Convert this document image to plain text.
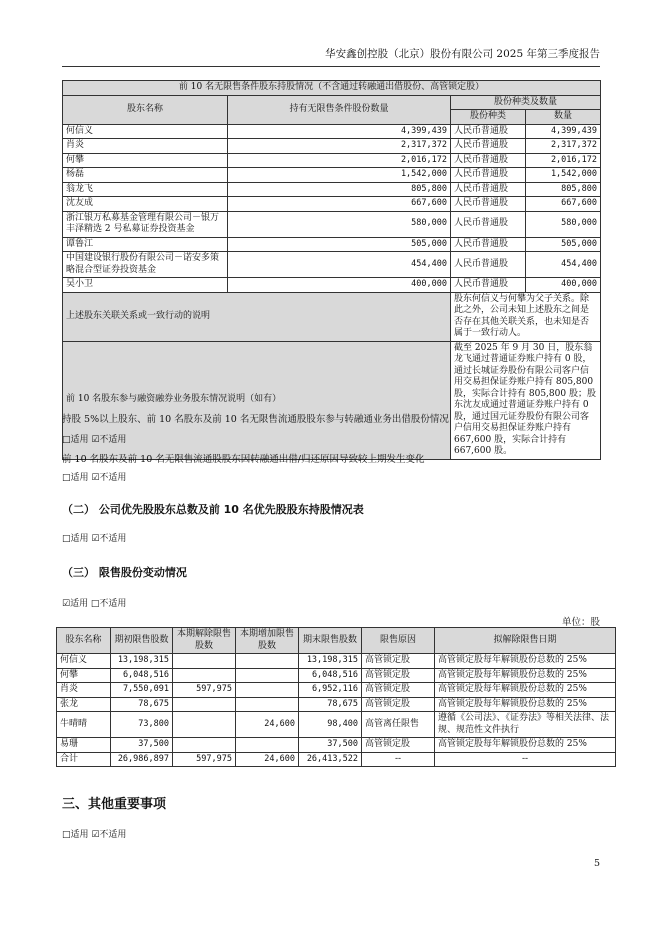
华安鑫创控股（北京）股份有限公司 2025 年第三季度报告
前 10 名无限售条件股东持股情况（不含通过转融通出借股份、高管锁定股）			
股东名称	持有无限售条件股份数量	股份种类及数量	
		股份种类	数量
何信义	4,399,439	人民币普通股	4,399,439
肖炎	2,317,372	人民币普通股	2,317,372
何攀	2,016,172	人民币普通股	2,016,172
杨磊	1,542,000	人民币普通股	1,542,000
翁龙飞	805,800	人民币普通股	805,800
沈友成	667,600	人民币普通股	667,600
浙江银万私募基金管理有限公司－银万丰泽精选 2 号私募证券投资基金	580,000	人民币普通股	580,000
谭鲁江	505,000	人民币普通股	505,000
中国建设银行股份有限公司－诺安多策略混合型证券投资基金	454,400	人民币普通股	454,400
吴小卫	400,000	人民币普通股	400,000
上述股东关联关系或一致行动的说明		股东何信义与何攀为父子关系。除此之外，公司未知上述股东之间是否存在其他关联关系，也未知是否属于一致行动人。	
前 10 名股东参与融资融券业务股东情况说明（如有）		截至 2025 年 9 月 30 日，股东翁龙飞通过普通证券账户持有 0 股，通过长城证券股份有限公司客户信用交易担保证券账户持有 805,800 股，实际合计持有 805,800 股；股东沈友成通过普通证券账户持有 0 股，通过国元证券股份有限公司客户信用交易担保证券账户持有 667,600 股，实际合计持有 667,600 股。	
持股 5%以上股东、前 10 名股东及前 10 名无限售流通股股东参与转融通业务出借股份情况
□适用 ☑不适用
前 10 名股东及前 10 名无限售流通股股东因转融通出借/归还原因导致较上期发生变化
□适用 ☑不适用
（二） 公司优先股股东总数及前 10 名优先股股东持股情况表
□适用 ☑不适用
（三） 限售股份变动情况
☑适用 □不适用
单位：股
股东名称	期初限售股数	本期解除限售股数	本期增加限售股数	期末限售股数	限售原因	拟解除限售日期
何信义	13,198,315			13,198,315	高管锁定股	高管锁定股每年解锁股份总数的 25%
何攀	6,048,516			6,048,516	高管锁定股	高管锁定股每年解锁股份总数的 25%
肖炎	7,550,091	597,975		6,952,116	高管锁定股	高管锁定股每年解锁股份总数的 25%
张龙	78,675			78,675	高管锁定股	高管锁定股每年解锁股份总数的 25%
牛晴晴	73,800		24,600	98,400	高管离任限售	遵循《公司法》、《证券法》等相关法律、法规、规范性文件执行
易珊	37,500			37,500	高管锁定股	高管锁定股每年解锁股份总数的 25%
合计	26,986,897	597,975	24,600	26,413,522	--	--
三、其他重要事项
□适用 ☑不适用
5
